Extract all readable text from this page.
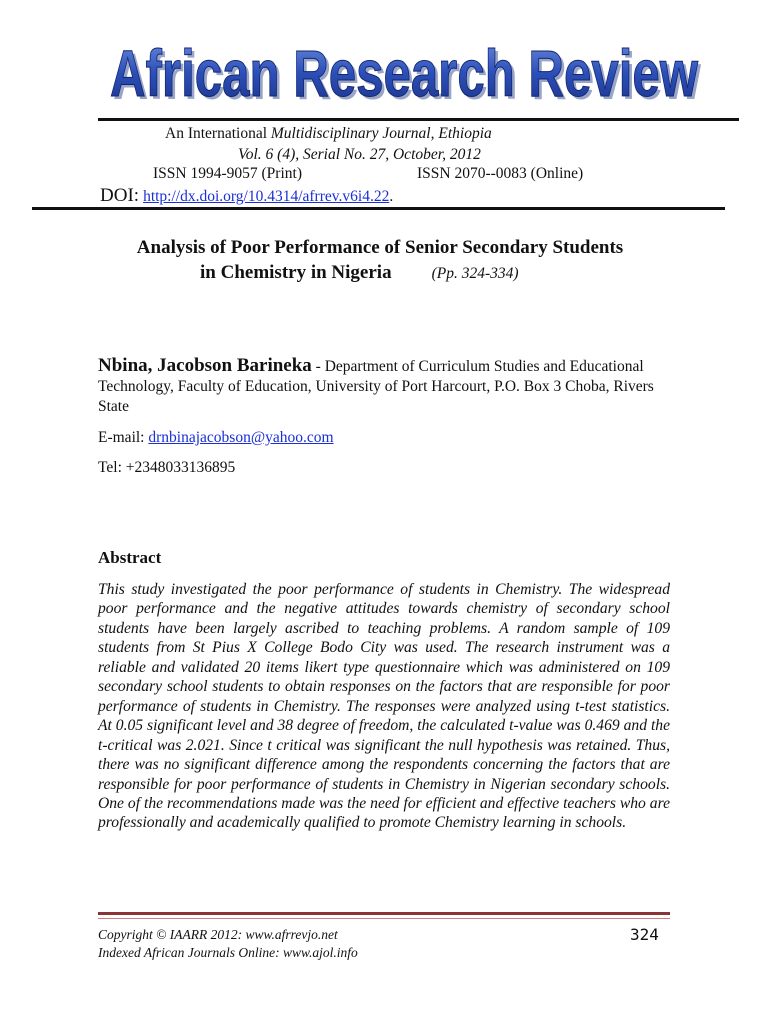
African Research Review
African Research Review
An International Multidisciplinary Journal, Ethiopia
Vol. 6 (4), Serial No. 27, October, 2012
ISSN 1994-9057 (Print)	ISSN 2070--0083 (Online)
DOI: http://dx.doi.org/10.4314/afrrev.v6i4.22.
Analysis of Poor Performance of Senior Secondary Students
in Chemistry in Nigeria	(Pp. 324-334)
Nbina, Jacobson Barineka - Department of Curriculum Studies and Educational Technology, Faculty of Education, University of Port Harcourt, P.O. Box 3 Choba, Rivers State
E-mail: drnbinajacobson@yahoo.com
Tel: +2348033136895
Abstract
This study investigated the poor performance of students in Chemistry. The widespread poor performance and the negative attitudes towards chemistry of secondary school students have been largely ascribed to teaching problems. A random sample of 109 students from St Pius X College Bodo City was used. The research instrument was a reliable and validated 20 items likert type questionnaire which was administered on 109 secondary school students to obtain responses on the factors that are responsible for poor performance of students in Chemistry. The responses were analyzed using t-test statistics. At 0.05 significant level and 38 degree of freedom, the calculated t-value was 0.469 and the t-critical was 2.021. Since t critical was significant the null hypothesis was retained. Thus, there was no significant difference among the respondents concerning the factors that are responsible for poor performance of students in Chemistry in Nigerian secondary schools. One of the recommendations made was the need for efficient and effective teachers who are professionally and academically qualified to promote Chemistry learning in schools.
Copyright © IAARR 2012: www.afrrevjo.net
Indexed African Journals Online: www.ajol.info
324
